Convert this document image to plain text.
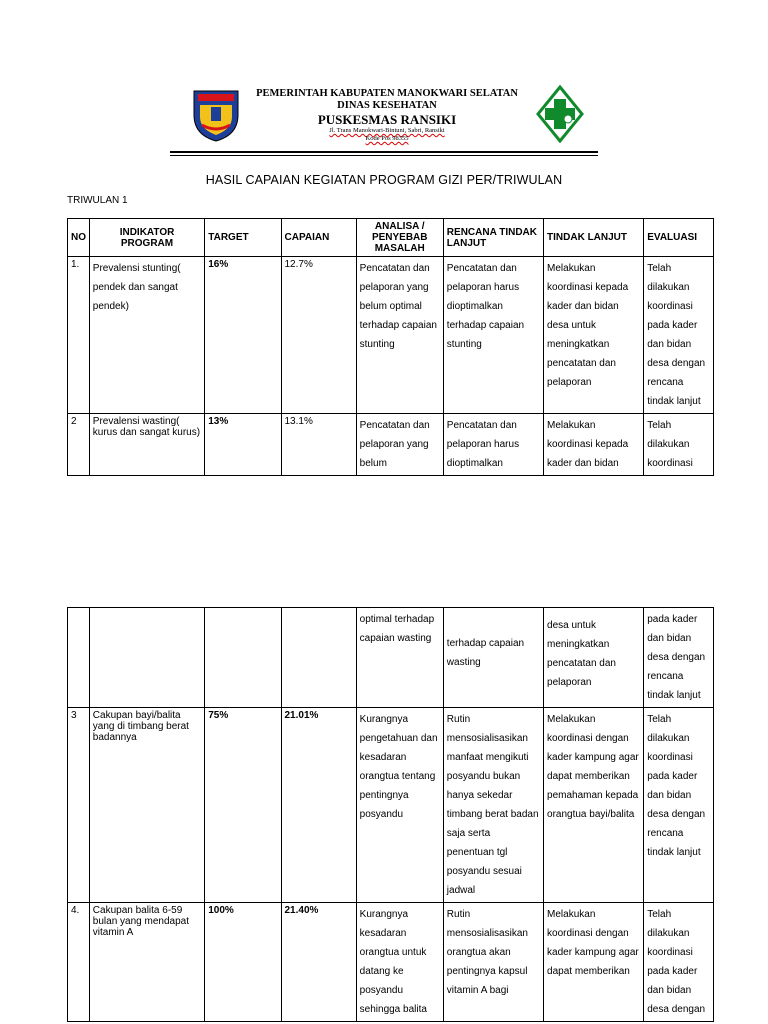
PEMERINTAH KABUPATEN MANOKWARI SELATAN
DINAS KESEHATAN
PUSKESMAS RANSIKI
Jl. Trans Manokwari-Bintuni, Sabri, Ransiki
Kode Pos 98355
HASIL CAPAIAN KEGIATAN PROGRAM GIZI PER/TRIWULAN
TRIWULAN 1
NO	INDIKATOR PROGRAM	TARGET	CAPAIAN	ANALISA / PENYEBAB MASALAH	RENCANA TINDAK LANJUT	TINDAK LANJUT	EVALUASI
1.	Prevalensi stunting( pendek dan sangat pendek)	16%	12.7%	Pencatatan dan pelaporan yang belum optimal terhadap capaian stunting	Pencatatan dan pelaporan harus dioptimalkan terhadap capaian stunting	Melakukan koordinasi kepada kader dan bidan desa untuk meningkatkan pencatatan dan pelaporan	Telah dilakukan koordinasi pada kader dan bidan desa dengan rencana tindak lanjut
2	Prevalensi wasting( kurus dan sangat kurus)	13%	13.1%	Pencatatan dan pelaporan yang belum	Pencatatan dan pelaporan harus dioptimalkan	Melakukan koordinasi kepada kader dan bidan	Telah dilakukan koordinasi
				optimal terhadap capaian wasting	terhadap capaian wasting	desa untuk meningkatkan pencatatan dan pelaporan	pada kader dan bidan desa dengan rencana tindak lanjut
3	Cakupan bayi/balita yang di timbang berat badannya	75%	21.01%	Kurangnya pengetahuan dan kesadaran orangtua tentang pentingnya posyandu	Rutin mensosialisasikan manfaat mengikuti posyandu bukan hanya sekedar timbang berat badan saja serta penentuan tgl posyandu sesuai jadwal	Melakukan koordinasi dengan kader kampung agar dapat memberikan pemahaman kepada orangtua bayi/balita	Telah dilakukan koordinasi pada kader dan bidan desa dengan rencana tindak lanjut
4.	Cakupan balita 6-59 bulan yang mendapat vitamin A	100%	21.40%	Kurangnya kesadaran orangtua untuk datang ke posyandu sehingga balita	Rutin mensosialisasikan orangtua akan pentingnya kapsul vitamin A bagi	Melakukan koordinasi dengan kader kampung agar dapat memberikan	Telah dilakukan koordinasi pada kader dan bidan desa dengan
